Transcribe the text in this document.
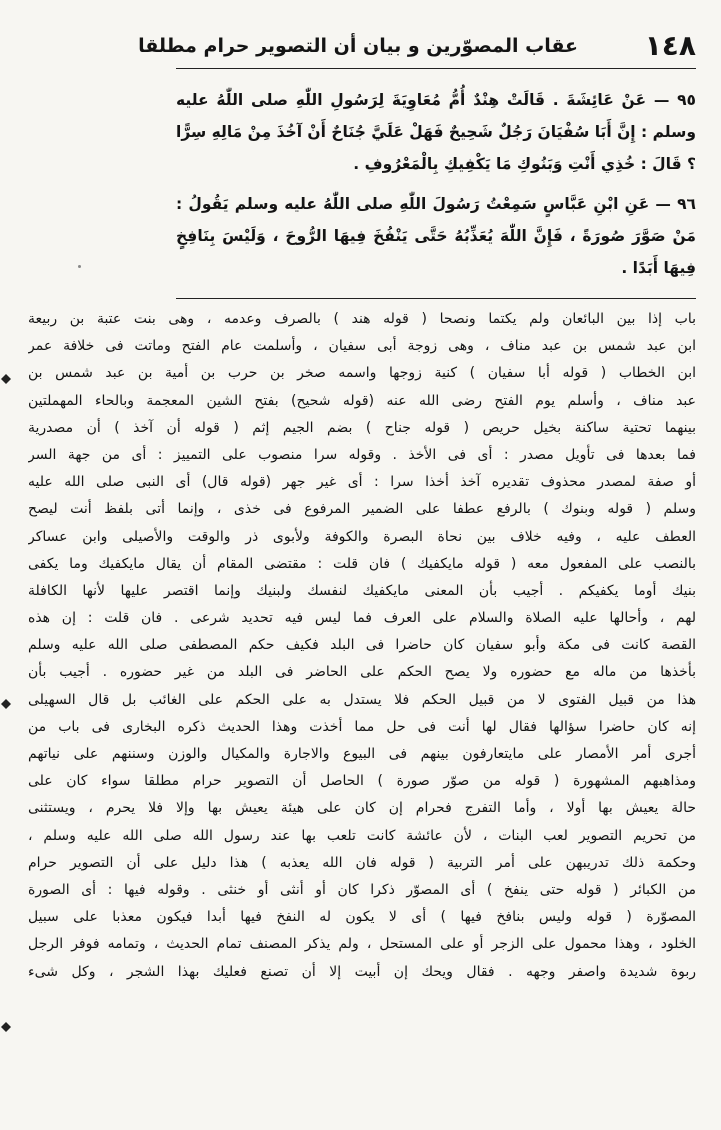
١٤٨
عقاب المصوّرين و بيان أن التصوير حرام مطلقا

٩٥ — عَنْ عَائِشَةَ . قَالَتْ هِنْدٌ أُمُّ مُعَاوِيَةَ لِرَسُولِ اللّٰهِ صلى اللّٰهُ عليه وسلم : إِنَّ أَبَا سُفْيَانَ رَجُلٌ شَحِيحٌ فَهَلْ عَلَيَّ جُنَاحٌ أَنْ آخُذَ مِنْ مَالِهِ سِرًّا ؟ قَالَ : خُذِي أَنْتِ وَبَنُوكِ مَا يَكْفِيكِ بِالْمَعْرُوفِ .

٩٦ — عَنِ ابْنِ عَبَّاسٍ سَمِعْتُ رَسُولَ اللّٰهِ صلى اللّٰهُ عليه وسلم يَقُولُ : مَنْ صَوَّرَ صُورَةً ، فَإِنَّ اللّٰهَ يُعَذِّبُهُ حَتَّى يَنْفُخَ فِيهَا الرُّوحَ ، وَلَيْسَ بِنَافِخٍ فِيهَا أَبَدًا .

باب إذا بين البائعان ولم يكتما ونصحا ( قوله هند ) بالصرف وعدمه ، وهى بنت عتبة بن ربيعة
ابن عبد شمس بن عبد مناف ، وهى زوجة أبى سفيان ، وأسلمت عام الفتح وماتت فى خلافة عمر
ابن الخطاب ( قوله أبا سفيان ) كنية زوجها واسمه صخر بن حرب بن أمية بن عبد شمس بن
عبد مناف ، وأسلم يوم الفتح رضى الله عنه (قوله شحيح) بفتح الشين المعجمة وبالحاء المهملتين
بينهما تحتية ساكنة بخيل حريص ( قوله جناح ) بضم الجيم إثم ( قوله أن آخذ ) أن مصدرية
فما بعدها فى تأويل مصدر : أى فى الأخذ . وقوله سرا منصوب على التمييز : أى من جهة السر
أو صفة لمصدر محذوف تقديره آخذ أخذا سرا : أى غير جهر (قوله قال) أى النبى صلى الله عليه
وسلم ( قوله وبنوك ) بالرفع عطفا على الضمير المرفوع فى خذى ، وإنما أتى بلفظ أنت ليصح
العطف عليه ، وفيه خلاف بين نحاة البصرة والكوفة ولأبوى ذر والوقت والأصيلى وابن عساكر
بالنصب على المفعول معه ( قوله مايكفيك ) فان قلت : مقتضى المقام أن يقال مايكفيك وما يكفى
بنيك أوما يكفيكم . أجيب بأن المعنى مايكفيك لنفسك ولبنيك وإنما اقتصر عليها لأنها الكافلة
لهم ، وأحالها عليه الصلاة والسلام على العرف فما ليس فيه تحديد شرعى . فان قلت : إن هذه
القصة كانت فى مكة وأبو سفيان كان حاضرا فى البلد فكيف حكم المصطفى صلى الله عليه وسلم
بأخذها من ماله مع حضوره ولا يصح الحكم على الحاضر فى البلد من غير حضوره . أجيب بأن
هذا من قبيل الفتوى لا من قبيل الحكم فلا يستدل به على الحكم على الغائب بل قال السهيلى
إنه كان حاضرا سؤالها فقال لها أنت فى حل مما أخذت وهذا الحديث ذكره البخارى فى باب من
أجرى أمر الأمصار على مايتعارفون بينهم فى البيوع والاجارة والمكيال والوزن وسننهم على نياتهم
ومذاهبهم المشهورة ( قوله من صوّر صورة ) الحاصل أن التصوير حرام مطلقا سواء كان على
حالة يعيش بها أولا ، وأما التفرج فحرام إن كان على هيئة يعيش بها وإلا فلا يحرم ، ويستثنى
من تحريم التصوير لعب البنات ، لأن عائشة كانت تلعب بها عند رسول الله صلى الله عليه وسلم ،
وحكمة ذلك تدريبهن على أمر التربية ( قوله فان الله يعذبه ) هذا دليل على أن التصوير حرام
من الكبائر ( قوله حتى ينفخ ) أى المصوّر ذكرا كان أو أنثى أو خنثى . وقوله فيها : أى الصورة
المصوّرة ( قوله وليس بنافخ فيها ) أى لا يكون له النفخ فيها أبدا فيكون معذبا على سبيل
الخلود ، وهذا محمول على الزجر أو على المستحل ، ولم يذكر المصنف تمام الحديث ، وتمامه فوفر الرجل
ربوة شديدة واصفر وجهه . فقال ويحك إن أبيت إلا أن تصنع فعليك بهذا الشجر ، وكل شىء
